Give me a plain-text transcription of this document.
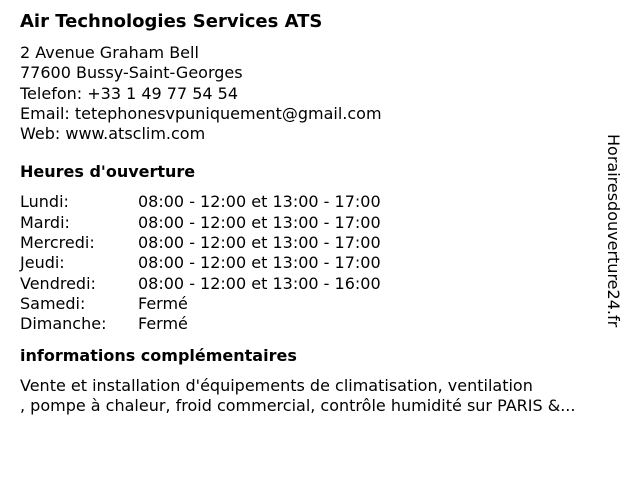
Air Technologies Services ATS
2 Avenue Graham Bell
77600 Bussy-Saint-Georges
Telefon: +33 1 49 77 54 54
Email: tetephonesvpuniquement@gmail.com
Web: www.atsclim.com
Heures d'ouverture
Lundi:	08:00 - 12:00 et 13:00 - 17:00
Mardi:	08:00 - 12:00 et 13:00 - 17:00
Mercredi:	08:00 - 12:00 et 13:00 - 17:00
Jeudi:	08:00 - 12:00 et 13:00 - 17:00
Vendredi:	08:00 - 12:00 et 13:00 - 16:00
Samedi:	Fermé
Dimanche:	Fermé
informations complémentaires
Vente et installation d'équipements de climatisation, ventilation
, pompe à chaleur, froid commercial, contrôle humidité sur PARIS &...
Horairesdouverture24.fr
